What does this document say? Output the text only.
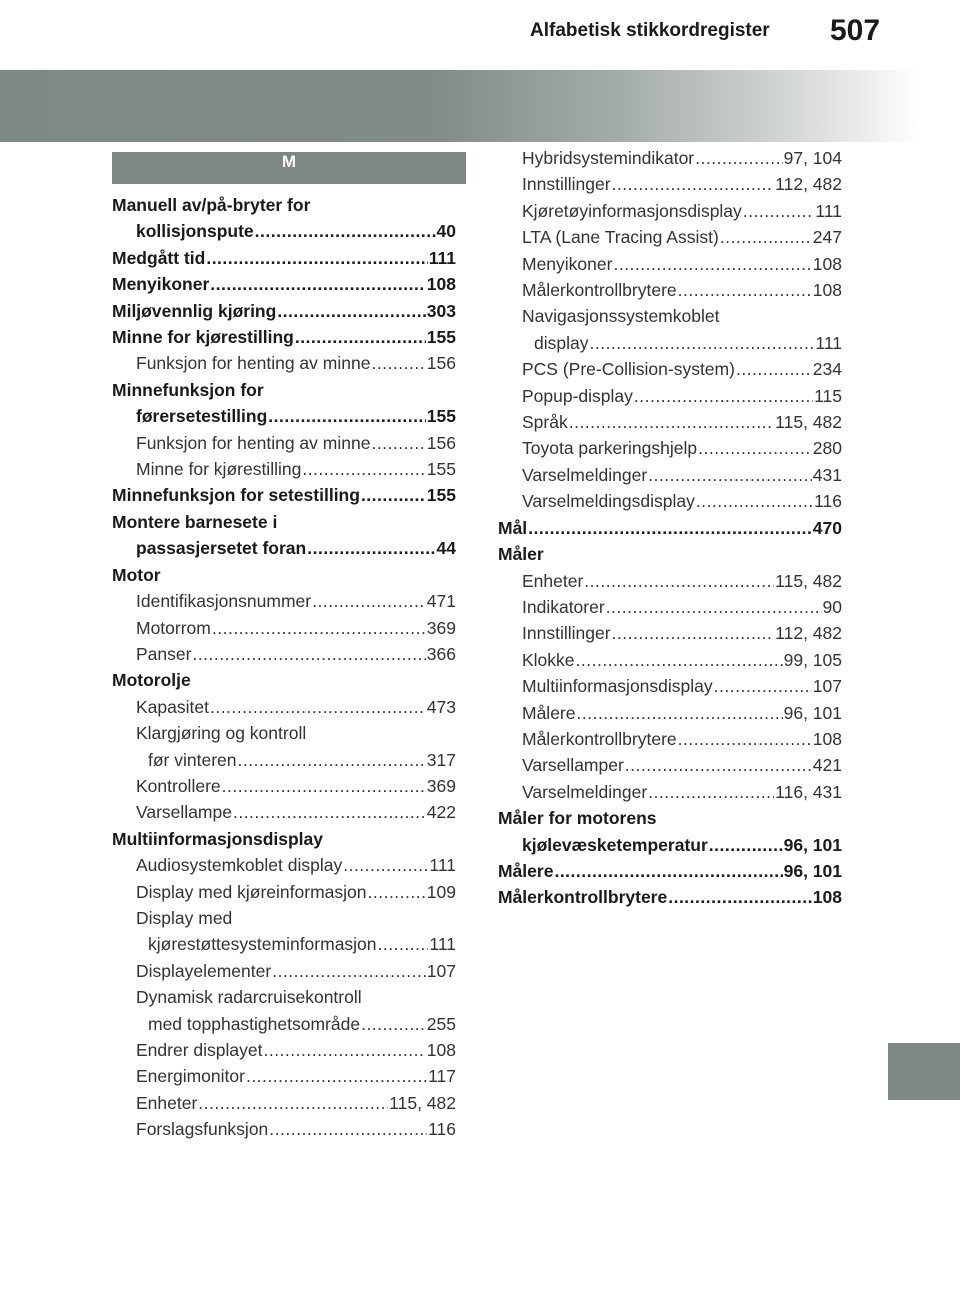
Alfabetisk stikkordregister	507
M
Manuell av/på-bryter for
kollisjonspute .....	40
Medgått tid .....	111
Menyikoner .....	108
Miljøvennlig kjøring .....	303
Minne for kjørestilling .....	155
Funksjon for henting av minne .....	156
Minnefunksjon for
førersetestilling .....	155
Funksjon for henting av minne .....	156
Minne for kjørestilling .....	155
Minnefunksjon for setestilling .....	155
Montere barnesete i
passasjersetet foran .....	44
Motor
Identifikasjonsnummer .....	471
Motorrom .....	369
Panser .....	366
Motorolje
Kapasitet .....	473
Klargjøring og kontroll
før vinteren .....	317
Kontrollere .....	369
Varsellampe .....	422
Multiinformasjonsdisplay
Audiosystemkoblet display .....	111
Display med kjøreinformasjon .....	109
Display med
kjørestøttesysteminformasjon .....	111
Displayelementer .....	107
Dynamisk radarcruisekontroll
med topphastighetsområde .....	255
Endrer displayet .....	108
Energimonitor .....	117
Enheter .....	115, 482
Forslagsfunksjon .....	116
Hybridsystemindikator .....	97, 104
Innstillinger .....	112, 482
Kjøretøyinformasjonsdisplay .....	111
LTA (Lane Tracing Assist) .....	247
Menyikoner .....	108
Målerkontrollbrytere .....	108
Navigasjonssystemkoblet
display .....	111
PCS (Pre-Collision-system) .....	234
Popup-display .....	115
Språk .....	115, 482
Toyota parkeringshjelp .....	280
Varselmeldinger .....	431
Varselmeldingsdisplay .....	116
Mål .....	470
Måler
Enheter .....	115, 482
Indikatorer .....	90
Innstillinger .....	112, 482
Klokke .....	99, 105
Multiinformasjonsdisplay .....	107
Målere .....	96, 101
Målerkontrollbrytere .....	108
Varsellamper .....	421
Varselmeldinger .....	116, 431
Måler for motorens
kjølevæsketemperatur .....	96, 101
Målere .....	96, 101
Målerkontrollbrytere .....	108
